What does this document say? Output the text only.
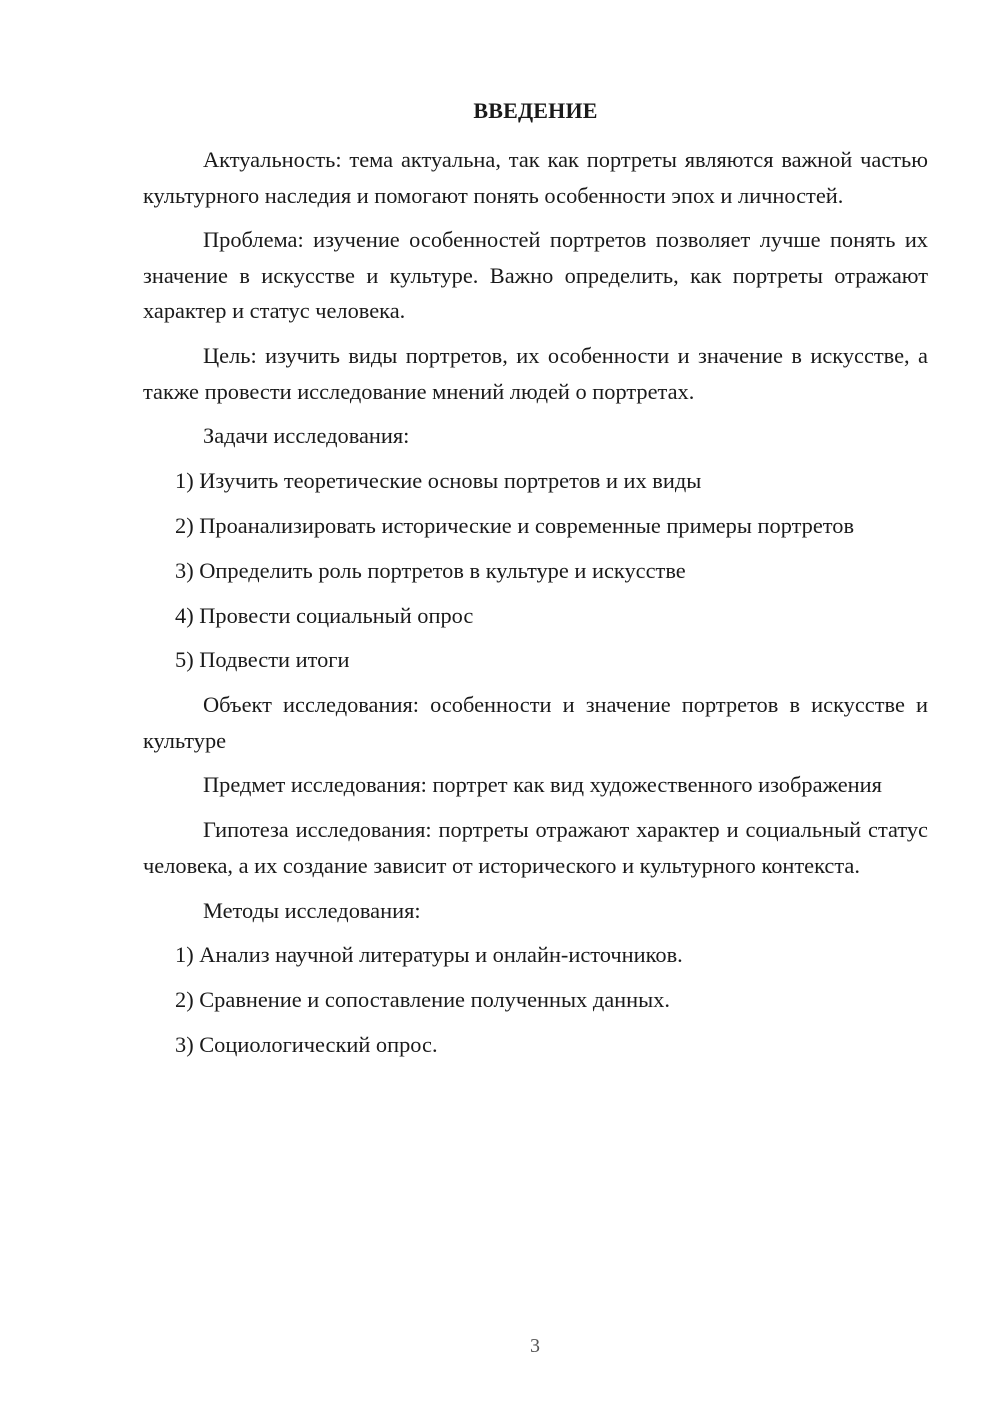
ВВЕДЕНИЕ

Актуальность: тема актуальна, так как портреты являются важной частью культурного наследия и помогают понять особенности эпох и личностей.

Проблема: изучение особенностей портретов позволяет лучше понять их значение в искусстве и культуре. Важно определить, как портреты отражают характер и статус человека.

Цель: изучить виды портретов, их особенности и значение в искусстве, а также провести исследование мнений людей о портретах.

Задачи исследования:

1) Изучить теоретические основы портретов и их виды

2) Проанализировать исторические и современные примеры портретов

3) Определить роль портретов в культуре и искусстве

4) Провести социальный опрос

5) Подвести итоги

Объект исследования: особенности и значение портретов в искусстве и культуре

Предмет исследования: портрет как вид художественного изображения

Гипотеза исследования: портреты отражают характер и социальный статус человека, а их создание зависит от исторического и культурного контекста.

Методы исследования:

1) Анализ научной литературы и онлайн-источников.

2) Сравнение и сопоставление полученных данных.

3) Социологический опрос.

3
